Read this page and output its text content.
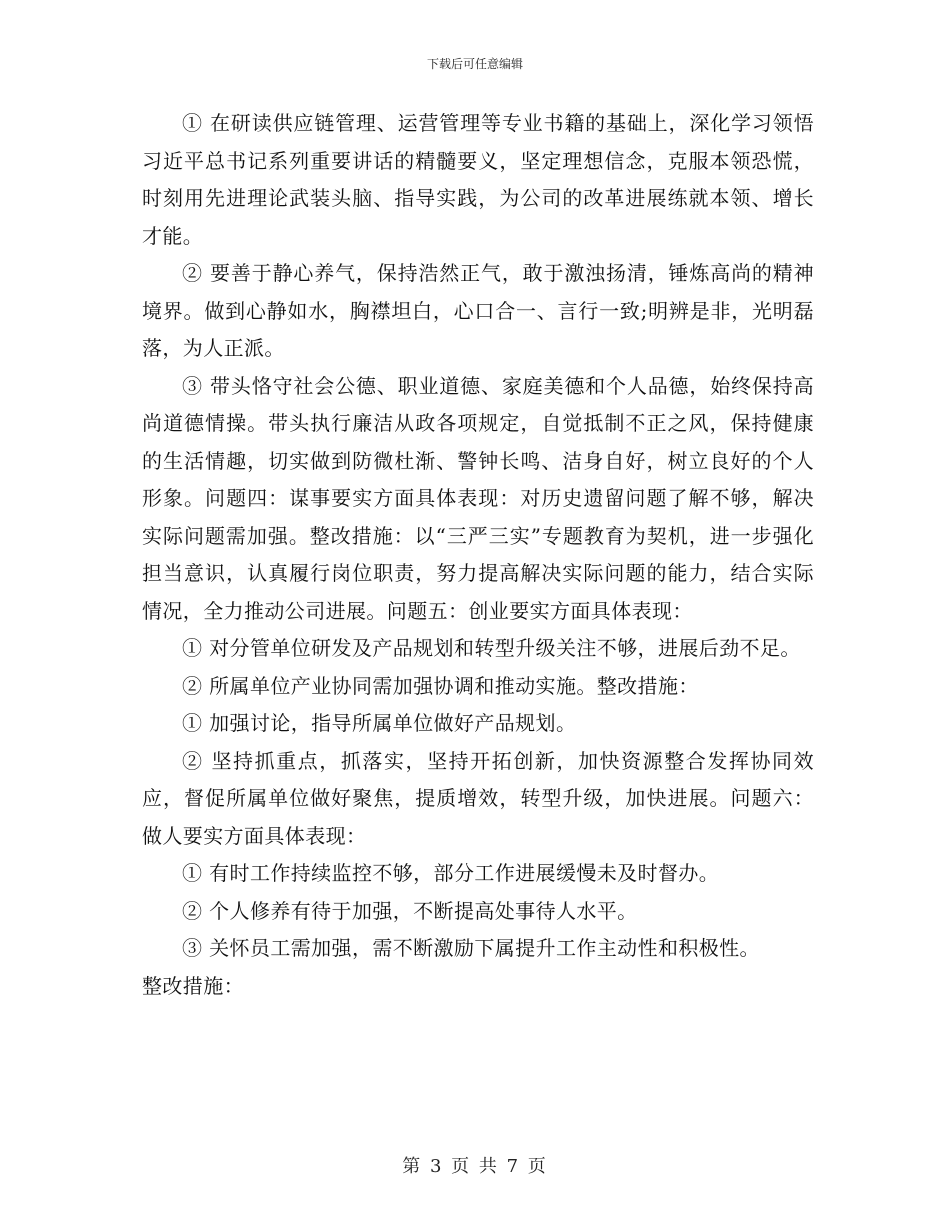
下载后可任意编辑

① 在研读供应链管理、运营管理等专业书籍的基础上，深化学习领悟习近平总书记系列重要讲话的精髓要义，坚定理想信念，克服本领恐慌，时刻用先进理论武装头脑、指导实践，为公司的改革进展练就本领、增长才能。

② 要善于静心养气，保持浩然正气，敢于激浊扬清，锤炼高尚的精神境界。做到心静如水，胸襟坦白，心口合一、言行一致;明辨是非，光明磊落，为人正派。

③ 带头恪守社会公德、职业道德、家庭美德和个人品德，始终保持高尚道德情操。带头执行廉洁从政各项规定，自觉抵制不正之风，保持健康的生活情趣，切实做到防微杜渐、警钟长鸣、洁身自好，树立良好的个人形象。问题四：谋事要实方面具体表现：对历史遗留问题了解不够，解决实际问题需加强。整改措施：以“三严三实”专题教育为契机，进一步强化担当意识，认真履行岗位职责，努力提高解决实际问题的能力，结合实际情况，全力推动公司进展。问题五：创业要实方面具体表现：

① 对分管单位研发及产品规划和转型升级关注不够，进展后劲不足。

② 所属单位产业协同需加强协调和推动实施。整改措施：

① 加强讨论，指导所属单位做好产品规划。

② 坚持抓重点，抓落实，坚持开拓创新，加快资源整合发挥协同效应，督促所属单位做好聚焦，提质增效，转型升级，加快进展。问题六：做人要实方面具体表现：

① 有时工作持续监控不够，部分工作进展缓慢未及时督办。

② 个人修养有待于加强，不断提高处事待人水平。

③ 关怀员工需加强，需不断激励下属提升工作主动性和积极性。

整改措施：

第 3 页 共 7 页
